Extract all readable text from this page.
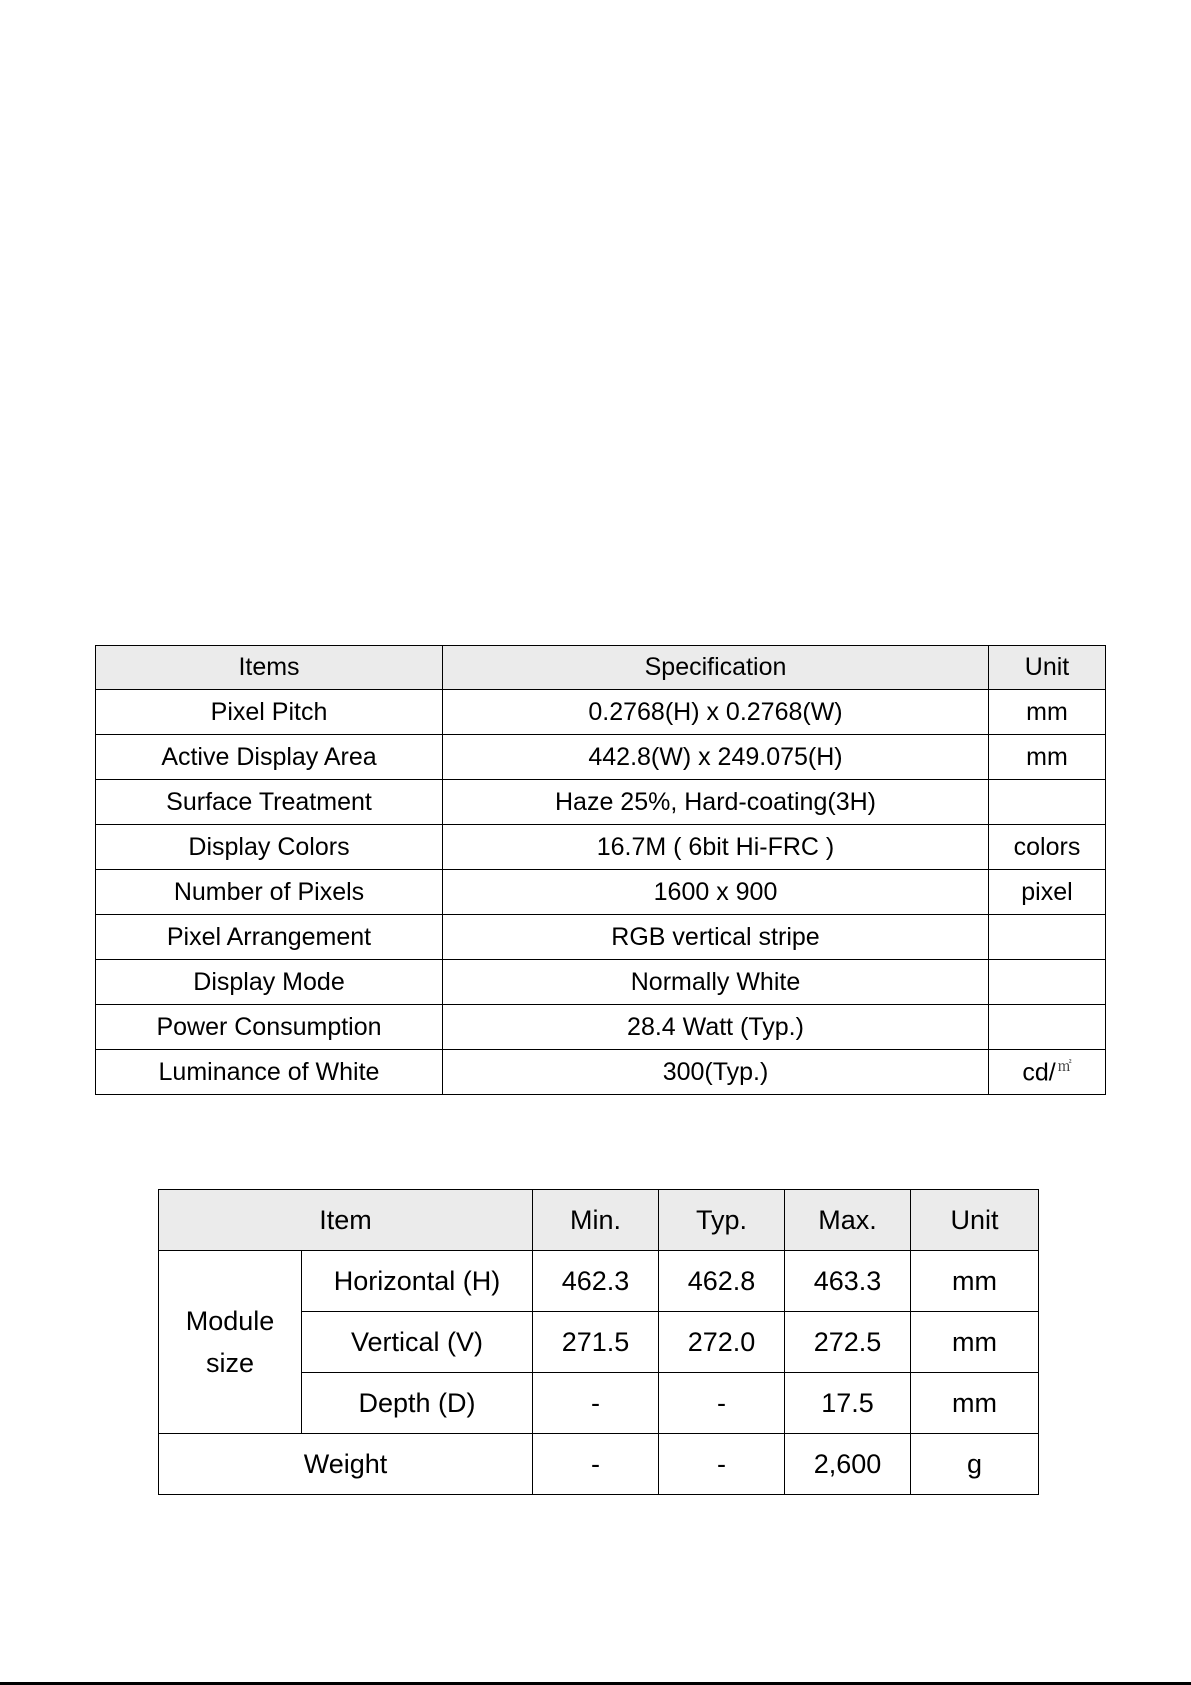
Items	Specification	Unit
Pixel Pitch	0.2768(H) x 0.2768(W)	mm
Active Display Area	442.8(W) x 249.075(H)	mm
Surface Treatment	Haze 25%, Hard-coating(3H)	
Display Colors	16.7M ( 6bit Hi-FRC )	colors
Number of Pixels	1600 x 900	pixel
Pixel Arrangement	RGB vertical stripe	
Display Mode	Normally White	
Power Consumption	28.4 Watt (Typ.)	
Luminance of White	300(Typ.)	cd/ ㎡
Item		Min.	Typ.	Max.	Unit

Module
size	Horizontal (H)	462.3	462.8	463.3	mm
	Vertical (V)	271.5	272.0	272.5	mm
	Depth (D)	-	-	17.5	mm
Weight		-	-	2,600	g
